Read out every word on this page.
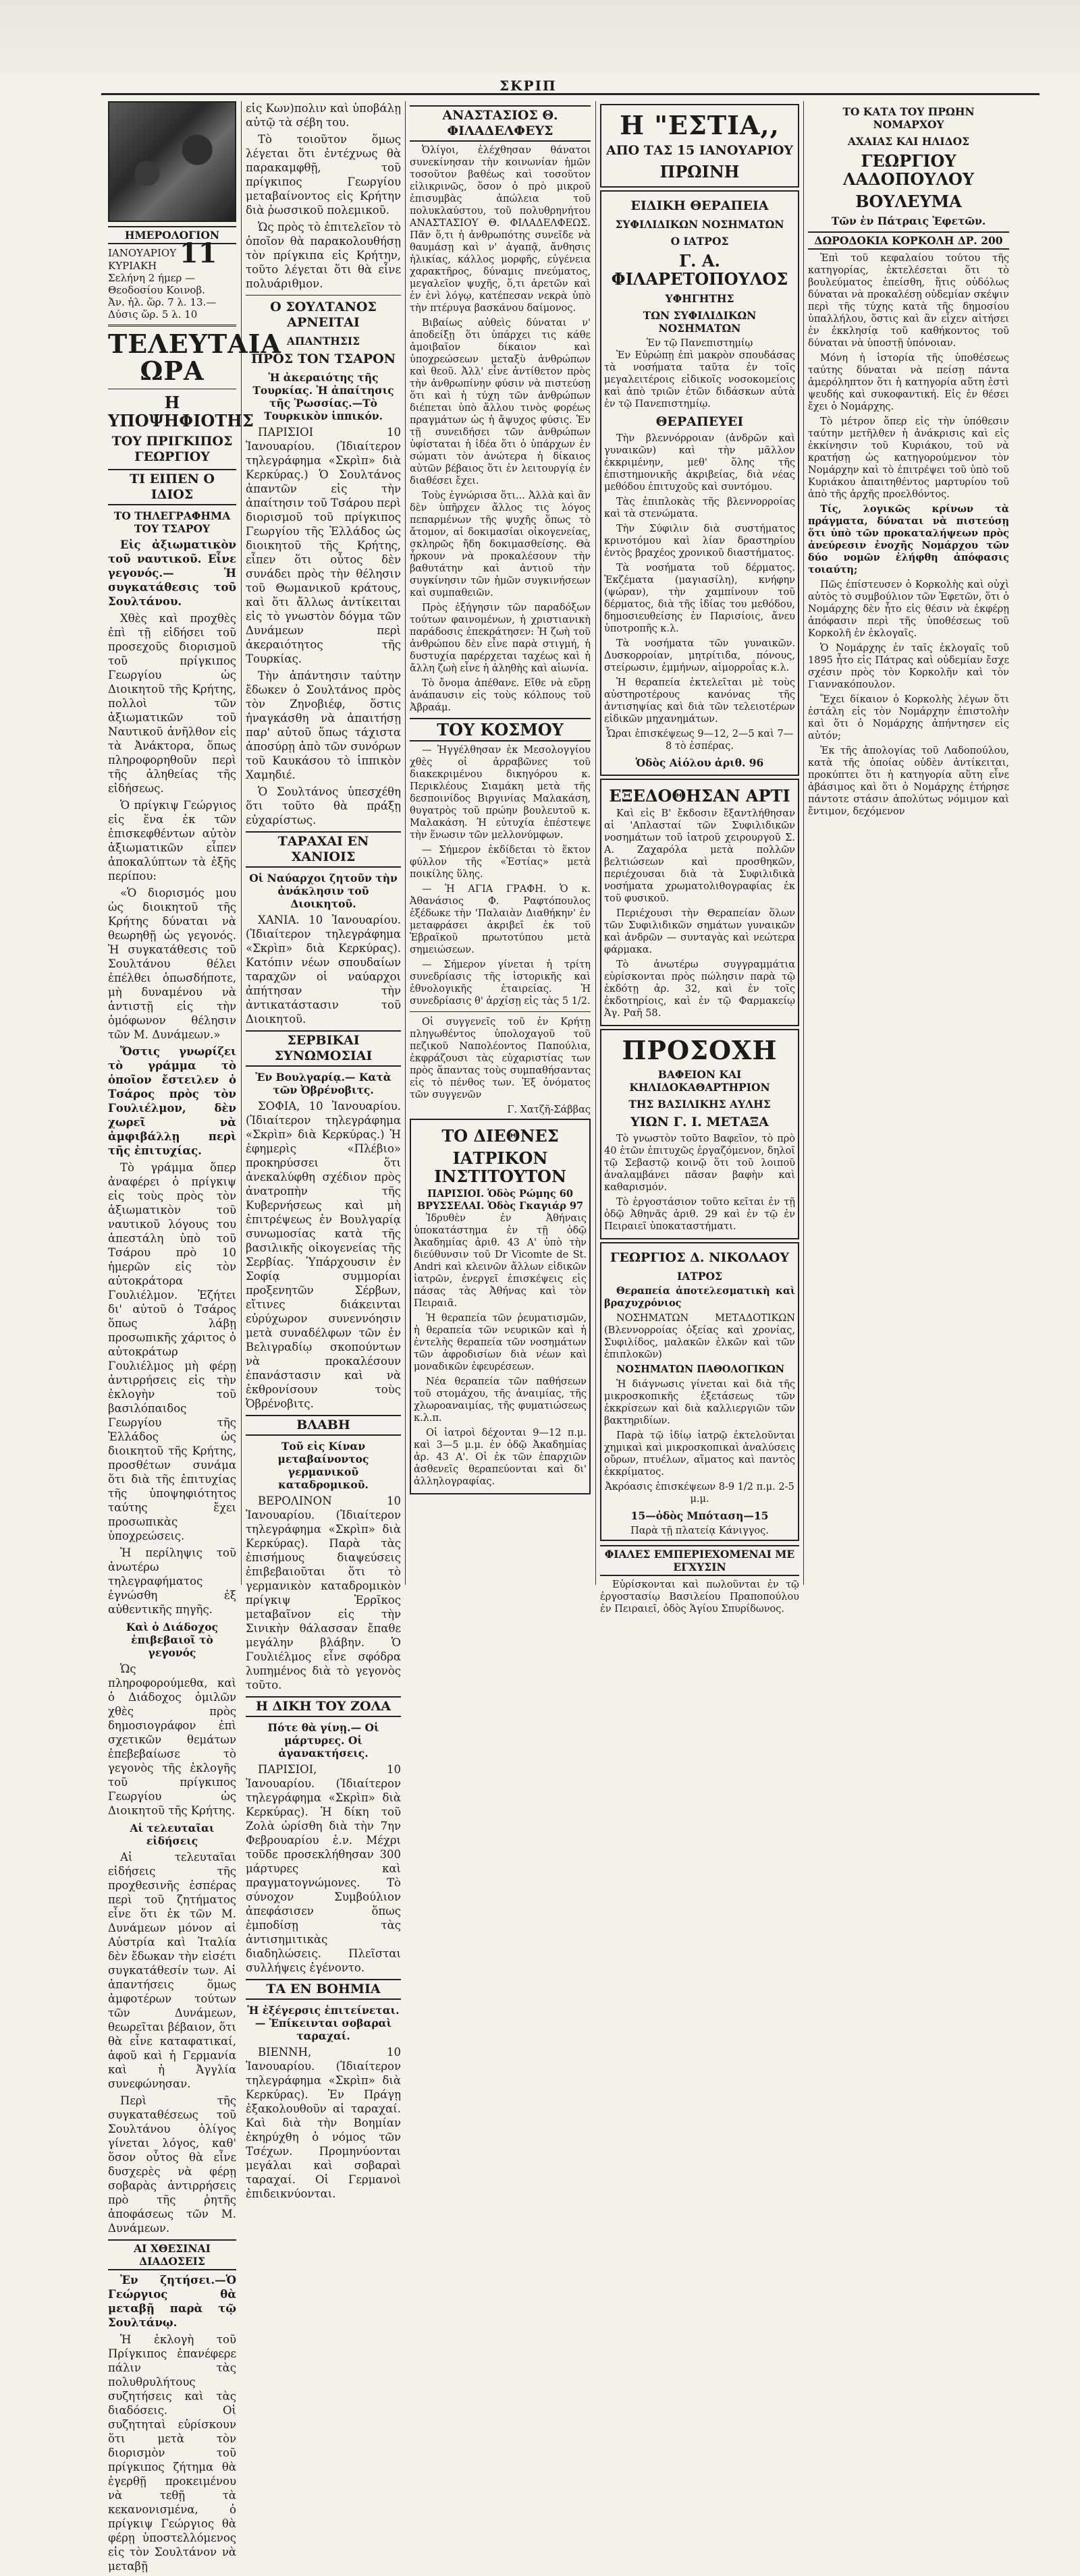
ΣΚΡΙΠ
ΗΜΕΡΟΛΟΓΙΟΝ
ΙΑΝΟΥΑΡΙΟΥ 11 ΚΥΡΙΑΚΗ
Σελήνη 2 ήμερ — Θεοδοσίου Κοινοβ.
Ἀν. ἡλ. ὥρ. 7 λ. 13.—Δύσις ὥρ. 5 λ. 10
ΤΕΛΕΥΤΑΙΑ ΩΡΑ
Η ΥΠΟΨΗΦΙΟΤΗΣ
ΤΟΥ ΠΡΙΓΚΙΠΟΣ ΓΕΩΡΓΙΟΥ
ΤΙ ΕΙΠΕΝ Ο ΙΔΙΟΣ
ΤΟ ΤΗΛΕΓΡΑΦΗΜΑ ΤΟΥ ΤΣΑΡΟΥ

Εἰς ἀξιωματικὸν τοῦ ναυτικοῦ. Εἶνε γεγονός.— Ἡ συγκατάθεσις τοῦ Σουλτάνου.

Χθὲς καὶ προχθὲς ἐπὶ τῇ εἰδήσει τοῦ προσεχοῦς διορισμοῦ τοῦ πρίγκιπος Γεωργίου ὡς Διοικητοῦ τῆς Κρήτης, πολλοὶ τῶν ἀξιωματικῶν τοῦ Ναυτικοῦ ἀνῆλθον εἰς τὰ Ἀνάκτορα, ὅπως πληροφορηθοῦν περὶ τῆς ἀληθείας τῆς εἰδήσεως.

Ὁ πρίγκιψ Γεώργιος εἰς ἕνα ἐκ τῶν ἐπισκεφθέντων αὐτὸν ἀξιωματικῶν εἶπεν ἀποκαλύπτων τὰ ἑξῆς περίπου:

«Ὁ διορισμός μου ὡς διοικητοῦ τῆς Κρήτης δύναται νὰ θεωρηθῇ ὡς γεγονός. Ἡ συγκατάθεσις τοῦ Σουλτάνου θέλει ἐπέλθει ὁπωσδήποτε, μὴ δυναμένου νὰ ἀντιστῇ εἰς τὴν ὁμόφωνον θέλησιν τῶν Μ. Δυνάμεων.»

Ὅστις γνωρίζει τὸ γράμμα τὸ ὁποῖον ἔστειλεν ὁ Τσάρος πρὸς τὸν Γουλιέλμον, δὲν χωρεῖ νὰ ἀμφιβάλλῃ περὶ τῆς ἐπιτυχίας.

Τὸ γράμμα ὅπερ ἀναφέρει ὁ πρίγκιψ εἰς τοὺς πρὸς τὸν ἀξιωματικὸν τοῦ ναυτικοῦ λόγους του ἀπεστάλη ὑπὸ τοῦ Τσάρου πρὸ 10 ἡμερῶν εἰς τὸν αὐτοκράτορα Γουλιέλμον. Ἐζήτει δι' αὐτοῦ ὁ Τσάρος ὅπως λάβῃ προσωπικῆς χάριτος ὁ αὐτοκράτωρ Γουλιέλμος μὴ φέρῃ ἀντιρρήσεις εἰς τὴν ἐκλογὴν τοῦ βασιλόπαιδος Γεωργίου τῆς Ἑλλάδος ὡς διοικητοῦ τῆς Κρήτης, προσθέτων συνάμα ὅτι διὰ τῆς ἐπιτυχίας τῆς ὑποψηφιότητος ταύτης ἔχει προσωπικὰς ὑποχρεώσεις.

Ἡ περίληψις τοῦ ἀνωτέρω τηλεγραφήματος ἐγνώσθη ἐξ αὐθεντικῆς πηγῆς.

Καὶ ὁ Διάδοχος ἐπιβεβαιοῖ τὸ γεγονός

Ὡς πληροφορούμεθα, καὶ ὁ Διάδοχος ὁμιλῶν χθὲς πρὸς δημοσιογράφον ἐπὶ σχετικῶν θεμάτων ἐπεβεβαίωσε τὸ γεγονὸς τῆς ἐκλογῆς τοῦ πρίγκιπος Γεωργίου ὡς Διοικητοῦ τῆς Κρήτης.

Αἱ τελευταῖαι εἰδήσεις

Αἱ τελευταῖαι εἰδήσεις τῆς προχθεσινῆς ἑσπέρας περὶ τοῦ ζητήματος εἶνε ὅτι ἐκ τῶν Μ. Δυνάμεων μόνον αἱ Αὐστρία καὶ Ἰταλία δὲν ἔδωκαν τὴν εἰσέτι συγκατάθεσίν των. Αἱ ἀπαντήσεις ὅμως ἀμφοτέρων τούτων τῶν Δυνάμεων, θεωρεῖται βέβαιον, ὅτι θὰ εἶνε καταφατικαί, ἀφοῦ καὶ ἡ Γερμανία καὶ ἡ Ἀγγλία συνεφώνησαν.

Περὶ τῆς συγκαταθέσεως τοῦ Σουλτάνου ὀλίγος γίνεται λόγος, καθ' ὅσον οὗτος θὰ εἶνε δυσχερὲς νὰ φέρῃ σοβαρὰς ἀντιρρήσεις πρὸ τῆς ῥητῆς ἀποφάσεως τῶν Μ. Δυνάμεων.

ΑΙ ΧΘΕΣΙΝΑΙ ΔΙΑΔΟΣΕΙΣ

Ἐν ζητήσει.—Ὁ Γεώργιος θὰ μεταβῇ παρὰ τῷ Σουλτάνῳ.

Ἡ ἐκλογὴ τοῦ Πρίγκιπος ἐπανέφερε πάλιν τὰς πολυθρυλήτους συζητήσεις καὶ τὰς διαδόσεις. Οἱ συζητηταὶ εὑρίσκουν ὅτι μετὰ τὸν διορισμὸν τοῦ πρίγκιπος ζήτημα θὰ ἐγερθῇ προκειμένου νὰ τεθῇ τὰ κεκανονισμένα, ὁ πρίγκιψ Γεώργιος θὰ φέρῃ ὑποστελλόμενος εἰς τὸν Σουλτάνον νὰ μεταβῇ

εἰς Κων)πολιν καὶ ὑποβάλῃ αὐτῷ τὰ σέβη του.

Τὸ τοιοῦτον ὅμως λέγεται ὅτι ἐντέχνως θὰ παρακαμφθῇ, τοῦ πρίγκιπος Γεωργίου μεταβαίνοντος εἰς Κρήτην διὰ ῥωσσικοῦ πολεμικοῦ.

Ὡς πρὸς τὸ ἐπιτελεῖον τὸ ὁποῖον θὰ παρακολουθήσῃ τὸν πρίγκιπα εἰς Κρήτην, τοῦτο λέγεται ὅτι θὰ εἶνε πολυάριθμον.

Ο ΣΟΥΛΤΑΝΟΣ ΑΡΝΕΙΤΑΙ
ΑΠΑΝΤΗΣΙΣ
ΠΡΟΣ ΤΟΝ ΤΣΑΡΟΝ
Ἡ ἀκεραιότης τῆς Τουρκίας. Ἡ ἀπαίτησις τῆς Ῥωσσίας.—Τὸ Τουρκικὸν ἱππικόν.

ΠΑΡΙΣΙΟΙ 10 Ἰανουαρίου. (Ἰδιαίτερον τηλεγράφημα «Σκρὶπ» διὰ Κερκύρας.) Ὁ Σουλτάνος ἀπαντῶν εἰς τὴν ἀπαίτησιν τοῦ Τσάρου περὶ διορισμοῦ τοῦ πρίγκιπος Γεωργίου τῆς Ἑλλάδος ὡς διοικητοῦ τῆς Κρήτης, εἶπεν ὅτι οὗτος δὲν συνάδει πρὸς τὴν θέλησιν τοῦ Θωμανικοῦ κράτους, καὶ ὅτι ἄλλως ἀντίκειται εἰς τὸ γνωστὸν δόγμα τῶν Δυνάμεων περὶ ἀκεραιότητος τῆς Τουρκίας.

Τὴν ἀπάντησιν ταύτην ἔδωκεν ὁ Σουλτάνος πρὸς τὸν Ζηνοβιέφ, ὅστις ἠναγκάσθη νὰ ἀπαιτήσῃ παρ' αὐτοῦ ὅπως τάχιστα ἀποσύρῃ ἀπὸ τῶν συνόρων τοῦ Καυκάσου τὸ ἱππικὸν Χαμηδιέ.

Ὁ Σουλτάνος ὑπεσχέθη ὅτι τοῦτο θὰ πράξῃ εὐχαρίστως.

ΤΑΡΑΧΑΙ ΕΝ ΧΑΝΙΟΙΣ
Οἱ Ναύαρχοι ζητοῦν τὴν ἀνάκλησιν τοῦ Διοικητοῦ.

ΧΑΝΙΑ. 10 Ἰανουαρίου. (Ἰδιαίτερον τηλεγράφημα «Σκρὶπ» διὰ Κερκύρας). Κατόπιν νέων σπουδαίων ταραχῶν οἱ ναύαρχοι ἀπήτησαν τὴν ἀντικατάστασιν τοῦ Διοικητοῦ.

ΣΕΡΒΙΚΑΙ ΣΥΝΩΜΟΣΙΑΙ
Ἐν Βουλγαρίᾳ.— Κατὰ τῶν Ὀβρένοβιτς.

ΣΟΦΙΑ, 10 Ἰανουαρίου. (Ἰδιαίτερον τηλεγράφημα «Σκρὶπ» διὰ Κερκύρας.) Ἡ ἐφημερὶς «Πλέβιο» προκηρύσσει ὅτι ἀνεκαλύφθη σχέδιον πρὸς ἀνατροπὴν τῆς Κυβερνήσεως καὶ μὴ ἐπιτρέψεως ἐν Βουλγαρίᾳ συνωμοσίας κατὰ τῆς βασιλικῆς οἰκογενείας τῆς Σερβίας. Ὑπάρχουσιν ἐν Σοφίᾳ συμμορίαι προξενητῶν Σέρβων, εἴτινες διάκεινται εὐρύχωρον συνεννόησιν μετὰ συναδέλφων τῶν ἐν Βελιγραδίῳ σκοπούντων νὰ προκαλέσουν ἐπανάστασιν καὶ νὰ ἐκθρονίσουν τοὺς Ὀβρένοβιτς.

ΒΛΑΒΗ
Τοῦ εἰς Κίναν μεταβαίνοντος γερμανικοῦ καταδρομικοῦ.

ΒΕΡΟΛΙΝΟΝ 10 Ἰανουαρίου. (Ἰδιαίτερον τηλεγράφημα «Σκρὶπ» διὰ Κερκύρας). Παρὰ τὰς ἐπισήμους διαψεύσεις ἐπιβεβαιοῦται ὅτι τὸ γερμανικὸν καταδρομικὸν πρίγκιψ Ἑρρῖκος μεταβαῖνον εἰς τὴν Σινικὴν θάλασσαν ἔπαθε μεγάλην βλάβην. Ὁ Γουλιέλμος εἶνε σφόδρα λυπημένος διὰ τὸ γεγονὸς τοῦτο.

Η ΔΙΚΗ ΤΟΥ ΖΟΛΑ
Πότε θὰ γίνῃ.— Οἱ μάρτυρες. Οἱ ἀγανακτήσεις.

ΠΑΡΙΣΙΟΙ, 10 Ἰανουαρίου. (Ἰδιαίτερον τηλεγράφημα «Σκρὶπ» διὰ Κερκύρας). Ἡ δίκη τοῦ Ζολὰ ὡρίσθη διὰ τὴν 7ην Φεβρουαρίου ἐ.ν. Μέχρι τοῦδε προσεκλήθησαν 300 μάρτυρες καὶ πραγματογνώμονες. Τὸ σύνοχον Συμβούλιον ἀπεφάσισεν ὅπως ἐμποδίσῃ τὰς ἀντισημιτικὰς διαδηλώσεις. Πλεῖσται συλλήψεις ἐγένοντο.

ΤΑ ΕΝ ΒΟΗΜΙΑ
Ἡ ἐξέγερσις ἐπιτείνεται.— Ἐπίκεινται σοβαραὶ ταραχαί.

ΒΙΕΝΝΗ, 10 Ἰανουαρίου. (Ἰδιαίτερον τηλεγράφημα «Σκρὶπ» διὰ Κερκύρας). Ἐν Πράγῃ ἐξακολουθοῦν αἱ ταραχαί. Καὶ διὰ τὴν Βοημίαν ἐκηρύχθη ὁ νόμος τῶν Τσέχων. Προμηνύονται μεγάλαι καὶ σοβαραὶ ταραχαί. Οἱ Γερμανοὶ ἐπιδεικνύονται.

ΑΝΑΣΤΑΣΙΟΣ Θ. ΦΙΛΑΔΕΛΦΕΥΣ

Ὀλίγοι, ἐλέχθησαν θάνατοι συνεκίνησαν τὴν κοινωνίαν ἡμῶν τοσοῦτον βαθέως καὶ τοσοῦτον εἰλικρινῶς, ὅσον ὁ πρὸ μικροῦ ἐπισυμβὰς ἀπώλεια τοῦ πολυκλαύστου, τοῦ πολυθρηνήτου ΑΝΑΣΤΑΣΙΟΥ Θ. ΦΙΛΑΔΕΛΦΕΩΣ. Πᾶν ὅ,τι ἡ ἀνθρωπότης συνεῖδε νὰ θαυμάσῃ καὶ ν' ἀγαπᾷ, ἄνθησις ἡλικίας, κάλλος μορφῆς, εὐγένεια χαρακτῆρος, δύναμις πνεύματος, μεγαλεῖον ψυχῆς, ὅ,τι ἀρετῶν καὶ ἐν ἑνὶ λόγῳ, κατέπεσαν νεκρὰ ὑπὸ τὴν πτέρυγα βασκάνου δαίμονος.

Βιβαίως αὐθεὶς δύναται ν' ἀποδείξῃ ὅτι ὑπάρχει τις κάθε ἀμοιβαῖον δίκαιον καὶ ὑποχρεώσεων μεταξὺ ἀνθρώπων καὶ θεοῦ. Ἀλλ' εἶνε ἀντίθετον πρὸς τὴν ἀνθρωπίνην φύσιν νὰ πιστεύσῃ ὅτι καὶ ἡ τύχη τῶν ἀνθρώπων διέπεται ὑπὸ ἄλλου τινὸς φορέως πραγμάτων ὡς ἡ ἄψυχος φύσις. Ἐν τῇ συνειδήσει τῶν ἀνθρώπων ὑφίσταται ἡ ἰδέα ὅτι ὁ ὑπάρχων ἐν σώματι τὸν ἀνώτερα ἡ δίκαιος αὐτῶν βέβαιος ὅτι ἐν λειτουργίᾳ ἐν διαθέσει ἔχει.

Τοὺς ἐγνώρισα ὅτι... Ἀλλὰ καὶ ἂν δὲν ὑπῆρχεν ἄλλος τις λόγος πεπαρμένων τῆς ψυχῆς ὅπως τὸ ἄτομον, αἱ δοκιμασίαι οἰκογενείας, σκληρῶς ἤδη δοκιμασθείσης. Θὰ ἦρκουν νὰ προκαλέσουν τὴν βαθυτάτην καὶ ἀντιοῦ τὴν συγκίνησιν τῶν ἡμῶν συγκινήσεων καὶ συμπαθειῶν.

Πρὸς ἐξήγησιν τῶν παραδόξων τούτων φαινομένων, ἡ χριστιανικὴ παράδοσις ἐπεκράτησεν: Ἡ ζωὴ τοῦ ἀνθρώπου δὲν εἶνε παρὰ στιγμή, ἡ δυστυχία παρέρχεται ταχέως καὶ ἡ ἄλλη ζωὴ εἶνε ἡ ἀληθὴς καὶ αἰωνία.

Τὸ ὄνομα ἀπέθανε. Εἴθε νὰ εὕρῃ ἀνάπαυσιν εἰς τοὺς κόλπους τοῦ Ἀβραάμ.

ΤΟΥ ΚΟΣΜΟΥ

— Ἠγγέλθησαν ἐκ Μεσολογγίου χθὲς οἱ ἀρραβῶνες τοῦ διακεκριμένου δικηγόρου κ. Περικλέους Σιαμάκη μετὰ τῆς δεσποινίδος Βιργινίας Μαλακάση, θυγατρὸς τοῦ πρώην βουλευτοῦ κ. Μαλακάση. Ἡ εὐτυχία ἐπέστεψε τὴν ἕνωσιν τῶν μελλονύμφων.

— Σήμερον ἐκδίδεται τὸ ἕκτον φύλλον τῆς «Ἑστίας» μετὰ ποικίλης ὕλης.

— Ἡ ΑΓΙΑ ΓΡΑΦΗ. Ὁ κ. Ἀθανάσιος Φ. Ραφτόπουλος ἐξέδωκε τὴν 'Παλαιὰν Διαθήκην' ἐν μεταφράσει ἀκριβεῖ ἐκ τοῦ Ἑβραϊκοῦ πρωτοτύπου μετὰ σημειώσεων.

— Σήμερον γίνεται ἡ τρίτη συνεδρίασις τῆς ἱστορικῆς καὶ ἐθνολογικῆς ἑταιρείας. Ἡ συνεδρίασις θ' ἀρχίσῃ εἰς τὰς 5 1/2.

Οἱ συγγενεῖς τοῦ ἐν Κρήτῃ πληγωθέντος ὑπολοχαγοῦ τοῦ πεζικοῦ Ναπολέοντος Παπούλια, ἐκφράζουσι τὰς εὐχαριστίας των πρὸς ἅπαντας τοὺς συμπαθήσαντας εἰς τὸ πένθος των. Ἐξ ὀνόματος τῶν συγγενῶν

Γ. Χατζῆ-Σάββας

ΤΟ ΔΙΕΘΝΕΣ
ΙΑΤΡΙΚΟΝ ΙΝΣΤΙΤΟΥΤΟΝ
ΠΑΡΙΣΙΟΙ. Ὁδὸς Ρώμης 60
ΒΡΥΣΣΕΛΑΙ. Ὁδὸς Γκαγιάρ 97

Ἱδρυθὲν ἐν Ἀθήναις ὑποκατάστημα ἐν τῇ ὁδῷ Ἀκαδημίας ἀριθ. 43 Α' ὑπὸ τὴν διεύθυνσιν τοῦ Dr Vicomte de St. Andri καὶ κλεινῶν ἄλλων εἰδικῶν ἰατρῶν, ἐνεργεῖ ἐπισκέψεις εἰς πάσας τὰς Ἀθήνας καὶ τὸν Πειραιᾶ.

Ἡ θεραπεία τῶν ῥευματισμῶν, ἡ θεραπεία τῶν νευρικῶν καὶ ἡ ἐντελὴς θεραπεία τῶν νοσημάτων τῶν ἀφροδισίων διὰ νέων καὶ μοναδικῶν ἐφευρέσεων.

Νέα θεραπεία τῶν παθήσεων τοῦ στομάχου, τῆς ἀναιμίας, τῆς χλωροαναιμίας, τῆς φυματιώσεως κ.λ.π.

Οἱ ἰατροὶ δέχονται 9—12 π.μ. καὶ 3—5 μ.μ. ἐν ὁδῷ Ἀκαδημίας ἀρ. 43 Α'. Οἱ ἐκ τῶν ἐπαρχιῶν ἀσθενεῖς θεραπεύονται καὶ δι' ἀλληλογραφίας.

Η "ΕΣΤΙΑ,,
ΑΠΟ ΤΑΣ 15 ΙΑΝΟΥΑΡΙΟΥ
ΠΡΩΙΝΗ
ΕΙΔΙΚΗ ΘΕΡΑΠΕΙΑ
ΣΥΦΙΛΙΔΙΚΩΝ ΝΟΣΗΜΑΤΩΝ
Ο ΙΑΤΡΟΣ
Γ. Α. ΦΙΛΑΡΕΤΟΠΟΥΛΟΣ
ΥΦΗΓΗΤΗΣ
ΤΩΝ ΣΥΦΙΛΙΔΙΚΩΝ ΝΟΣΗΜΑΤΩΝ
Ἐν τῷ Πανεπιστημίῳ

Ἐν Εὐρώπῃ ἐπὶ μακρὸν σπουδάσας τὰ νοσήματα ταῦτα ἐν τοῖς μεγαλειτέροις εἰδικοῖς νοσοκομείοις καὶ ἀπὸ τριῶν ἐτῶν διδάσκων αὐτὰ ἐν τῷ Πανεπιστημίῳ.

ΘΕΡΑΠΕΥΕΙ

Τὴν βλεννόρροιαν (ἀνδρῶν καὶ γυναικῶν) καὶ τὴν μᾶλλον ἐκκριμένην, μεθ' ὅλης τῆς ἐπιστημονικῆς ἀκριβείας, διὰ νέας μεθόδου ἐπιτυχοῦς καὶ συντόμου.

Τὰς ἐπιπλοκὰς τῆς βλεννορροίας καὶ τὰ στενώματα.

Τὴν Σύφιλιν διὰ συστήματος κρινοτόμου καὶ λίαν δραστηρίου ἐντὸς βραχέος χρονικοῦ διαστήματος.

Τὰ νοσήματα τοῦ δέρματος. Ἐκζέματα (μαγιασίλη), κνήφην (ψώραν), τὴν χαμπίνουν τοῦ δέρματος, διὰ τῆς ἰδίας του μεθόδου, δημοσιευθείσης ἐν Παρισίοις, ἄνευ ὑποτροπῆς κ.λ.

Τὰ νοσήματα τῶν γυναικῶν. Δυσκορροίαν, μητρίτιδα, πόνους, στείρωσιν, ἐμμήνων, αἱμορροΐας κ.λ.

Ἡ θεραπεία ἐκτελεῖται μὲ τοὺς αὐστηροτέρους κανόνας τῆς ἀντισηψίας καὶ διὰ τῶν τελειοτέρων εἰδικῶν μηχανημάτων.

Ὧραι ἐπισκέψεως 9—12, 2—5 καὶ 7—8 τὸ ἑσπέρας.
Ὁδὸς Αἰόλου ἀριθ. 96
ΕΞΕΔΟΘΗΣΑΝ ΑΡΤΙ

Καὶ εἰς Β' ἔκδοσιν ἔξαντλήθησαν αἱ 'Απλασταί τῶν Συφιλιδικῶν νοσημάτων τοῦ ἰατροῦ χειρουργοῦ Σ. Α. Ζαχαρόλα μετὰ πολλῶν βελτιώσεων καὶ προσθηκῶν, περιέχουσαι διὰ τὰ Συφιλιδικὰ νοσήματα χρωματολιθογραφίας ἐκ τοῦ φυσικοῦ.

Περιέχουσι τὴν Θεραπείαν ὅλων τῶν Συφιλιδικῶν σημάτων γυναικῶν καὶ ἀνδρῶν — συνταγὰς καὶ νεώτερα φάρμακα.

Τὸ ἀνωτέρω συγγραμμάτια εὑρίσκονται πρὸς πώλησιν παρὰ τῷ ἐκδότῃ ἀρ. 32, καὶ ἐν τοῖς ἐκδοτηρίοις, καὶ ἐν τῷ Φαρμακείῳ Ἀγ. Ραῆ 58.

ΠΡΟΣΟΧΗ
ΒΑΦΕΙΟΝ ΚΑΙ ΚΗΛΙΔΟΚΑΘΑΡΤΗΡΙΟΝ
ΤΗΣ ΒΑΣΙΛΙΚΗΣ ΑΥΛΗΣ
ΥΙΩΝ Γ. Ι. ΜΕΤΑΞΑ

Τὸ γνωστὸν τοῦτο Βαφεῖον, τὸ πρὸ 40 ἐτῶν ἐπιτυχῶς ἐργαζόμενον, δηλοῖ τῷ Σεβαστῷ κοινῷ ὅτι τοῦ λοιποῦ ἀναλαμβάνει πᾶσαν βαφὴν καὶ καθαρισμόν.

Τὸ ἐργοστάσιον τοῦτο κεῖται ἐν τῇ ὁδῷ Ἀθηνᾶς ἀριθ. 29 καὶ ἐν τῷ ἐν Πειραιεῖ ὑποκαταστήματι.

ΓΕΩΡΓΙΟΣ Δ. ΝΙΚΟΛΑΟΥ
ΙΑΤΡΟΣ

Θεραπεία ἀποτελεσματικὴ καὶ βραχυχρόνιος

ΝΟΣΗΜΑΤΩΝ ΜΕΤΑΔΟΤΙΚΩΝ (Βλεννορροίας ὀξείας καὶ χρονίας, Συφιλίδος, μαλακῶν ἑλκῶν καὶ τῶν ἐπιπλοκῶν)

ΝΟΣΗΜΑΤΩΝ ΠΑΘΟΛΟΓΙΚΩΝ

Ἡ διάγνωσις γίνεται καὶ διὰ τῆς μικροσκοπικῆς ἐξετάσεως τῶν ἐκκρίσεων καὶ διὰ καλλιεργιῶν τῶν βακτηριδίων.

Παρὰ τῷ ἰδίῳ ἰατρῷ ἐκτελοῦνται χημικαὶ καὶ μικροσκοπικαὶ ἀναλύσεις οὔρων, πτυέλων, αἵματος καὶ παντὸς ἐκκρίματος.

Ἀκρόασις ἐπισκέψεων 8-9 1/2 π.μ. 2-5 μ.μ.
15—ὁδὸς Μπόταση—15
Παρὰ τῇ πλατείᾳ Κάνιγγος.
ΦΙΑΛΕΣ ΕΜΠΕΡΙΕΧΟΜΕΝΑΙ ΜΕ ΕΓΧΥΣΙΝ

Εὑρίσκονται καὶ πωλοῦνται ἐν τῷ ἐργοστασίῳ Βασιλείου Πραποπούλου ἐν Πειραιεῖ, ὁδὸς Ἁγίου Σπυρίδωνος.

ΤΟ ΚΑΤΑ ΤΟΥ ΠΡΩΗΝ ΝΟΜΑΡΧΟΥ
ΑΧΑΙΑΣ ΚΑΙ ΗΛΙΔΟΣ
ΓΕΩΡΓΙΟΥ ΛΑΔΟΠΟΥΛΟΥ
ΒΟΥΛΕΥΜΑ
Τῶν ἐν Πάτραις Ἐφετῶν.
ΔΩΡΟΔΟΚΙΑ ΚΟΡΚΟΛΗ ΔΡ. 200

Ἐπὶ τοῦ κεφαλαίου τούτου τῆς κατηγορίας, ἐκτελέσεται ὅτι τὸ βουλεύματος ἐπείσθη, ἥτις οὐδόλως δύναται νὰ προκαλέσῃ οὐδεμίαν σκέψιν περὶ τῆς τύχης κατὰ τῆς δημοσίου ὑπαλλήλου, ὅστις καὶ ἂν εἶχεν αἰτήσει ἐν ἐκκλησίᾳ τοῦ καθήκοντος τοῦ δύναται νὰ ὑποστῇ ὑπόνοιαν.

Μόνη ἡ ἱστορία τῆς ὑποθέσεως ταύτης δύναται νὰ πείσῃ πάντα ἀμερόληπτον ὅτι ἡ κατηγορία αὕτη ἐστὶ ψευδής καὶ συκοφαντική. Εἰς ἐν θέσει ἔχει ὁ Νομάρχης.

Τὸ μέτρον ὅπερ εἰς τὴν ὑπόθεσιν ταύτην μετῆλθεν ἡ ἀνάκρισις καὶ εἰς ἐκκίνησιν τοῦ Κυριάκου, τοῦ νὰ κρατήσῃ ὡς κατηγορούμενον τὸν Νομάρχην καὶ τὸ ἐπιτρέψει τοῦ ὑπὸ τοῦ Κυριάκου ἀπαιτηθέντος μαρτυρίου τοῦ ἀπὸ τῆς ἀρχῆς προελθόντος.

Τίς, λογικῶς κρίνων τὰ πράγματα, δύναται νὰ πιστεύσῃ ὅτι ὑπὸ τῶν προκαταλήψεων πρὸς ἀνεύρεσιν ἐνοχῆς Νομάρχου τῶν δύο νομῶν ἐλήφθη ἀπόφασις τοιαύτη;

Πῶς ἐπίστευσεν ὁ Κορκολὴς καὶ οὐχὶ αὐτὸς τὸ συμβούλιον τῶν Ἐφετῶν, ὅτι ὁ Νομάρχης δὲν ἦτο εἰς θέσιν νὰ ἐκφέρῃ ἀπόφασιν περὶ τῆς ὑποθέσεως τοῦ Κορκολῆ ἐν ἐκλογαῖς.

Ὁ Νομάρχης ἐν ταῖς ἐκλογαῖς τοῦ 1895 ἦτο εἰς Πάτρας καὶ οὐδεμίαν ἔσχε σχέσιν πρὸς τὸν Κορκολῆν καὶ τὸν Γιαννακόπουλον.

Ἔχει δίκαιον ὁ Κορκολὴς λέγων ὅτι ἐστάλη εἰς τὸν Νομάρχην ἐπιστολὴν καὶ ὅτι ὁ Νομάρχης ἀπήντησεν εἰς αὐτόν;

Ἐκ τῆς ἀπολογίας τοῦ Λαδοπούλου, κατὰ τῆς ὁποίας οὐδὲν ἀντίκειται, προκύπτει ὅτι ἡ κατηγορία αὕτη εἶνε ἀβάσιμος καὶ ὅτι ὁ Νομάρχης ἐτήρησε πάντοτε στάσιν ἀπολύτως νόμιμον καὶ ἔντιμον, δεχόμενον
